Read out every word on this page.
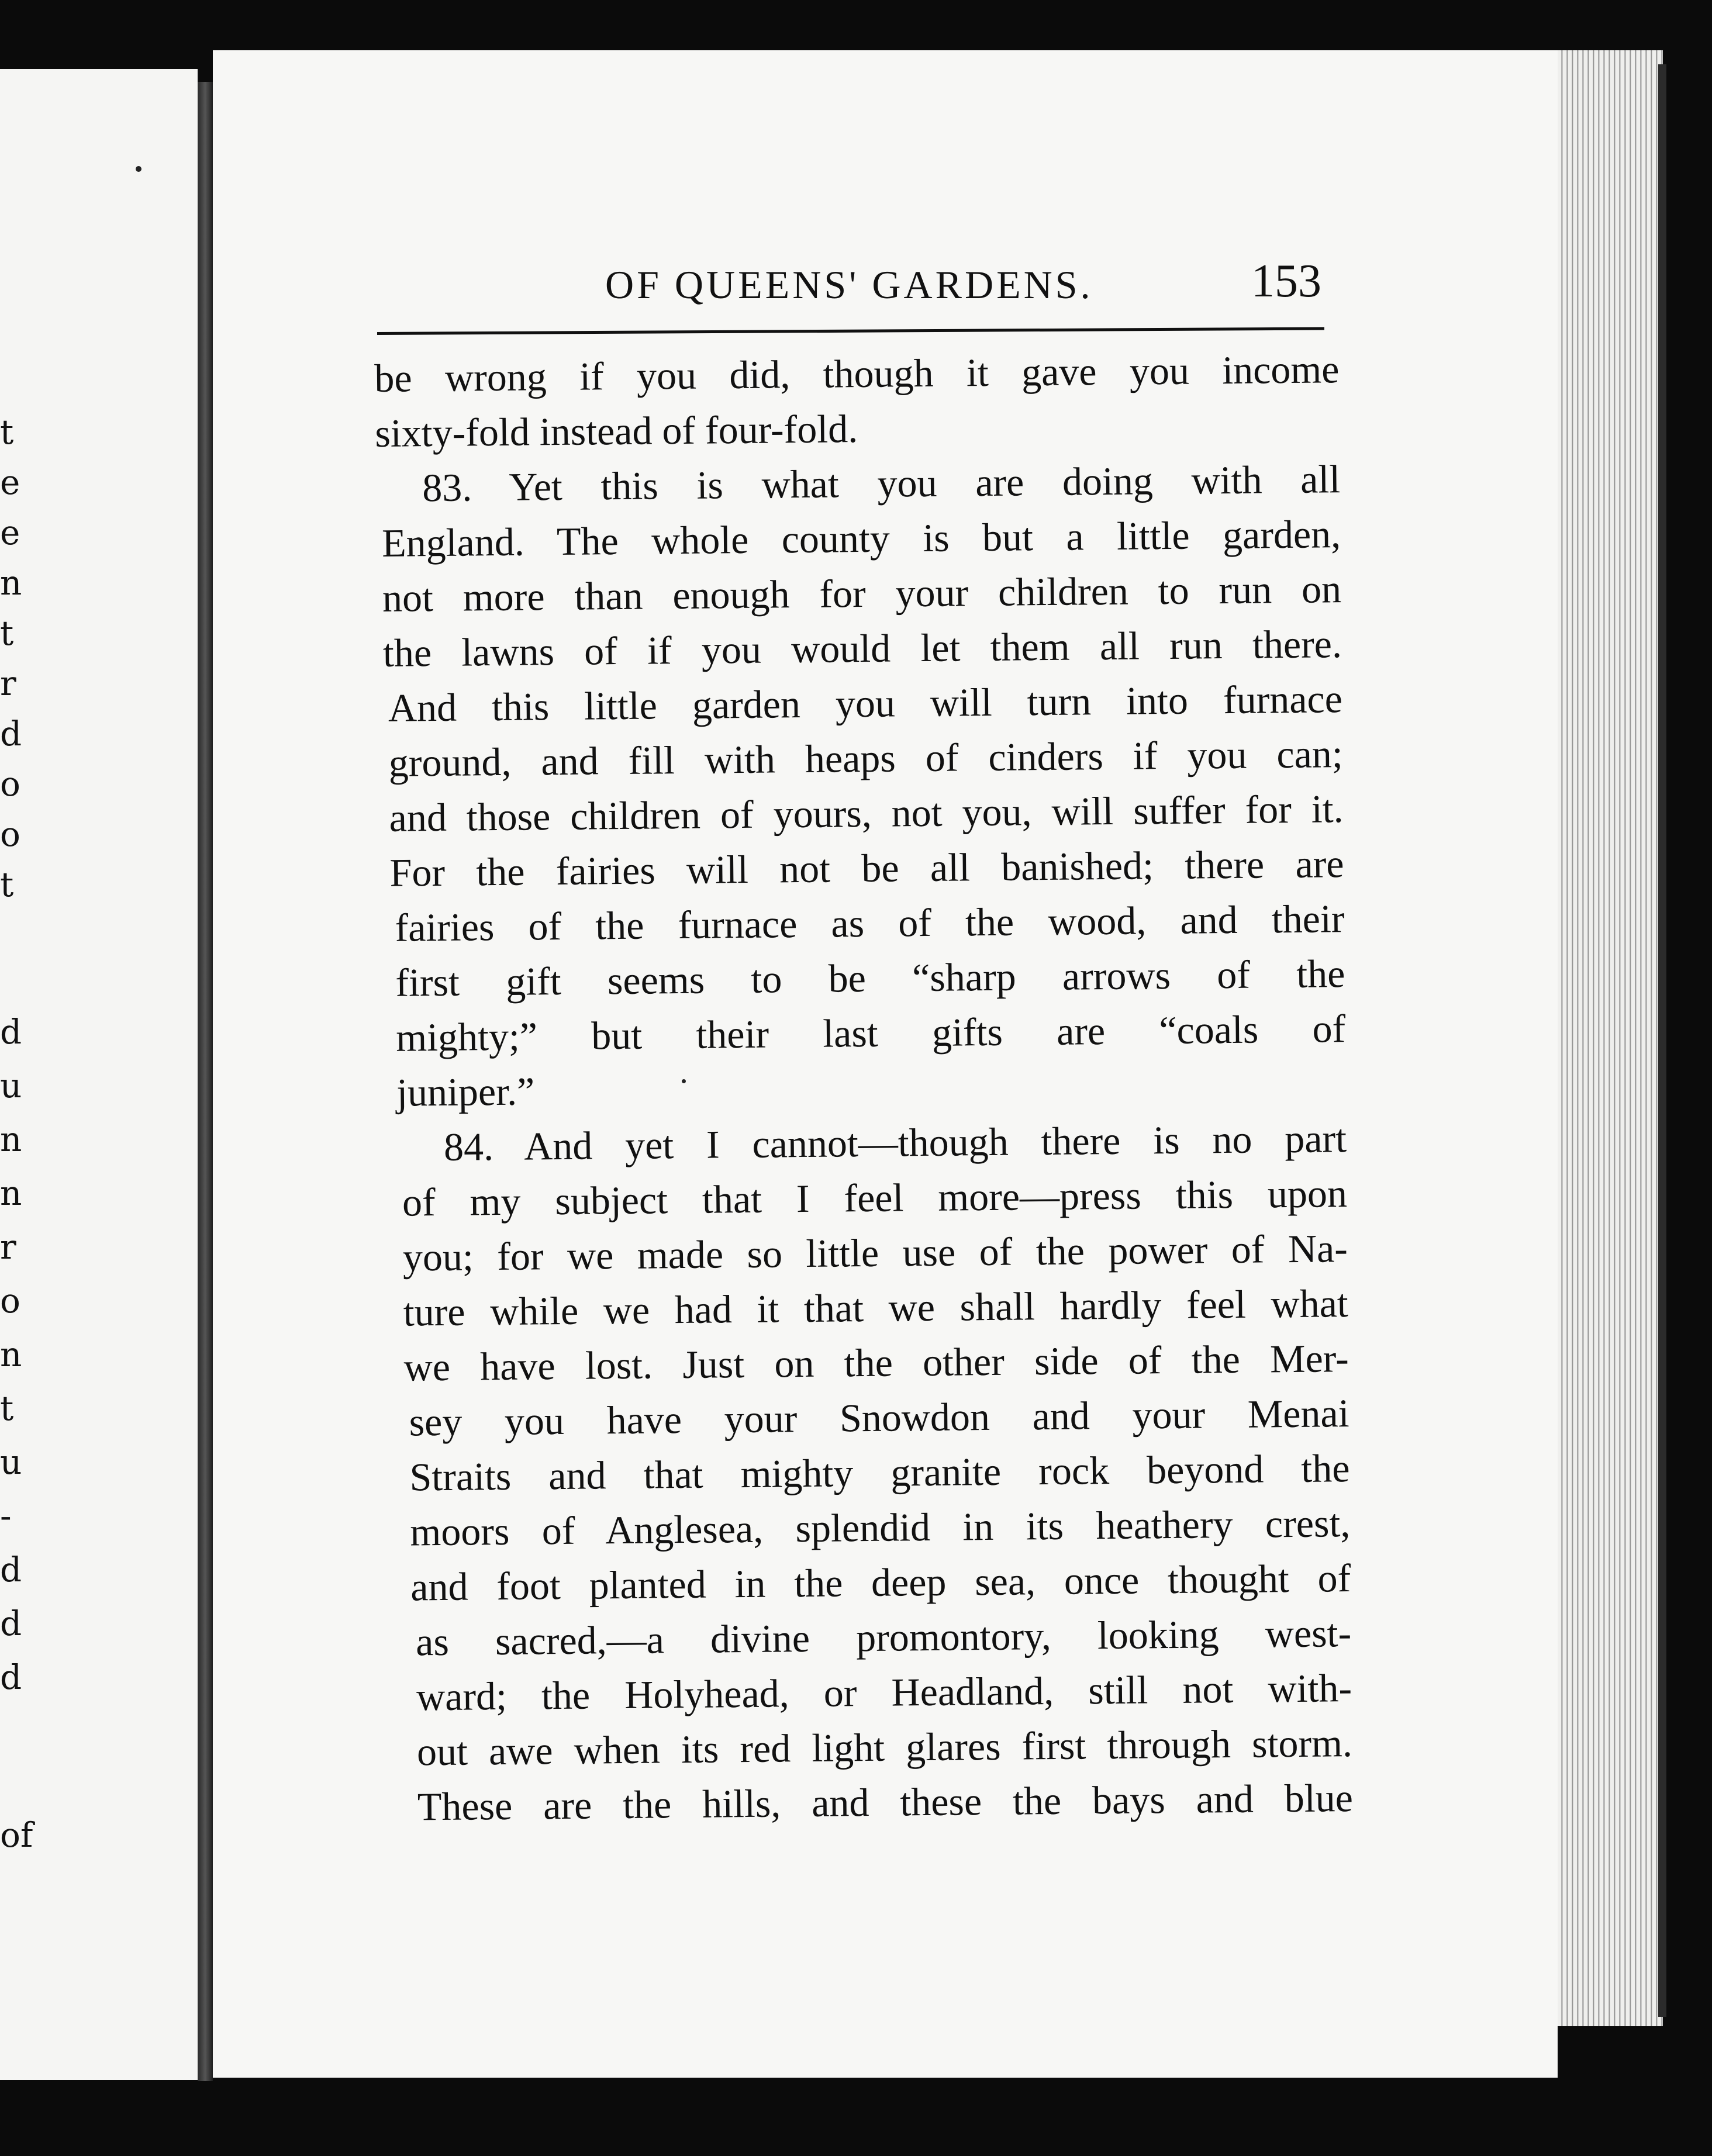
t
e
e
n
t
r
d
o
o
t
d
u
n
n
r
o
n
t
u
-
d
d
d
of
OF QUEENS' GARDENS.	153
be wrong if you did, though it gave you income
sixty-fold instead of four-fold.
83. Yet this is what you are doing with all
England. The whole county is but a little garden,
not more than enough for your children to run on
the lawns of if you would let them all run there.
And this little garden you will turn into furnace
ground, and fill with heaps of cinders if you can;
and those children of yours, not you, will suffer for it.
For the fairies will not be all banished; there are
fairies of the furnace as of the wood, and their
first gift seems to be “sharp arrows of the
mighty;” but their last gifts are “coals of
juniper.”
84. And yet I cannot—though there is no part
of my subject that I feel more—press this upon
you; for we made so little use of the power of Na-
ture while we had it that we shall hardly feel what
we have lost. Just on the other side of the Mer-
sey you have your Snowdon and your Menai
Straits and that mighty granite rock beyond the
moors of Anglesea, splendid in its heathery crest,
and foot planted in the deep sea, once thought of
as sacred,—a divine promontory, looking west-
ward; the Holyhead, or Headland, still not with-
out awe when its red light glares first through storm.
These are the hills, and these the bays and blue
